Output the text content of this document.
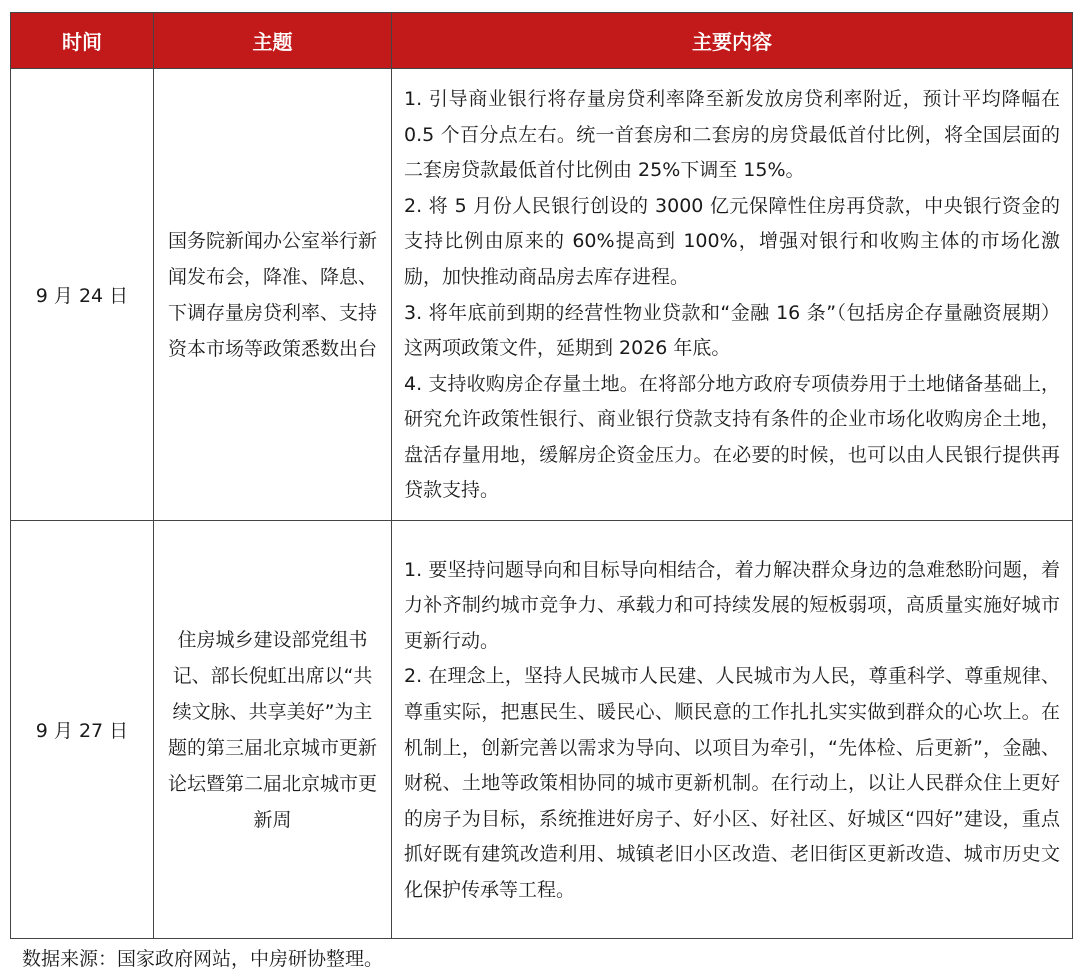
时间	主题	主要内容
9 月 24 日	国务院新闻办公室举行新闻发布会，降准、降息、下调存量房贷利率、支持资本市场等政策悉数出台	1. 引导商业银行将存量房贷利率降至新发放房贷利率附近，预计平均降幅在 0.5 个百分点左右。统一首套房和二套房的房贷最低首付比例，将全国层面的二套房贷款最低首付比例由 25%下调至 15%。

2. 将 5 月份人民银行创设的 3000 亿元保障性住房再贷款，中央银行资金的支持比例由原来的 60%提高到 100%，增强对银行和收购主体的市场化激励，加快推动商品房去库存进程。

3. 将年底前到期的经营性物业贷款和“金融 16 条”（包括房企存量融资展期）这两项政策文件，延期到 2026 年底。

4. 支持收购房企存量土地。在将部分地方政府专项债券用于土地储备基础上，研究允许政策性银行、商业银行贷款支持有条件的企业市场化收购房企土地，盘活存量用地，缓解房企资金压力。在必要的时候，也可以由人民银行提供再贷款支持。

9 月 27 日	住房城乡建设部党组书记、部长倪虹出席以“共续文脉、共享美好”为主题的第三届北京城市更新论坛暨第二届北京城市更新周	1. 要坚持问题导向和目标导向相结合，着力解决群众身边的急难愁盼问题，着力补齐制约城市竞争力、承载力和可持续发展的短板弱项，高质量实施好城市更新行动。

2. 在理念上，坚持人民城市人民建、人民城市为人民，尊重科学、尊重规律、尊重实际，把惠民生、暖民心、顺民意的工作扎扎实实做到群众的心坎上。在机制上，创新完善以需求为导向、以项目为牵引，“先体检、后更新”，金融、财税、土地等政策相协同的城市更新机制。在行动上，以让人民群众住上更好的房子为目标，系统推进好房子、好小区、好社区、好城区“四好”建设，重点抓好既有建筑改造利用、城镇老旧小区改造、老旧街区更新改造、城市历史文化保护传承等工程。

数据来源：国家政府网站，中房研协整理。
